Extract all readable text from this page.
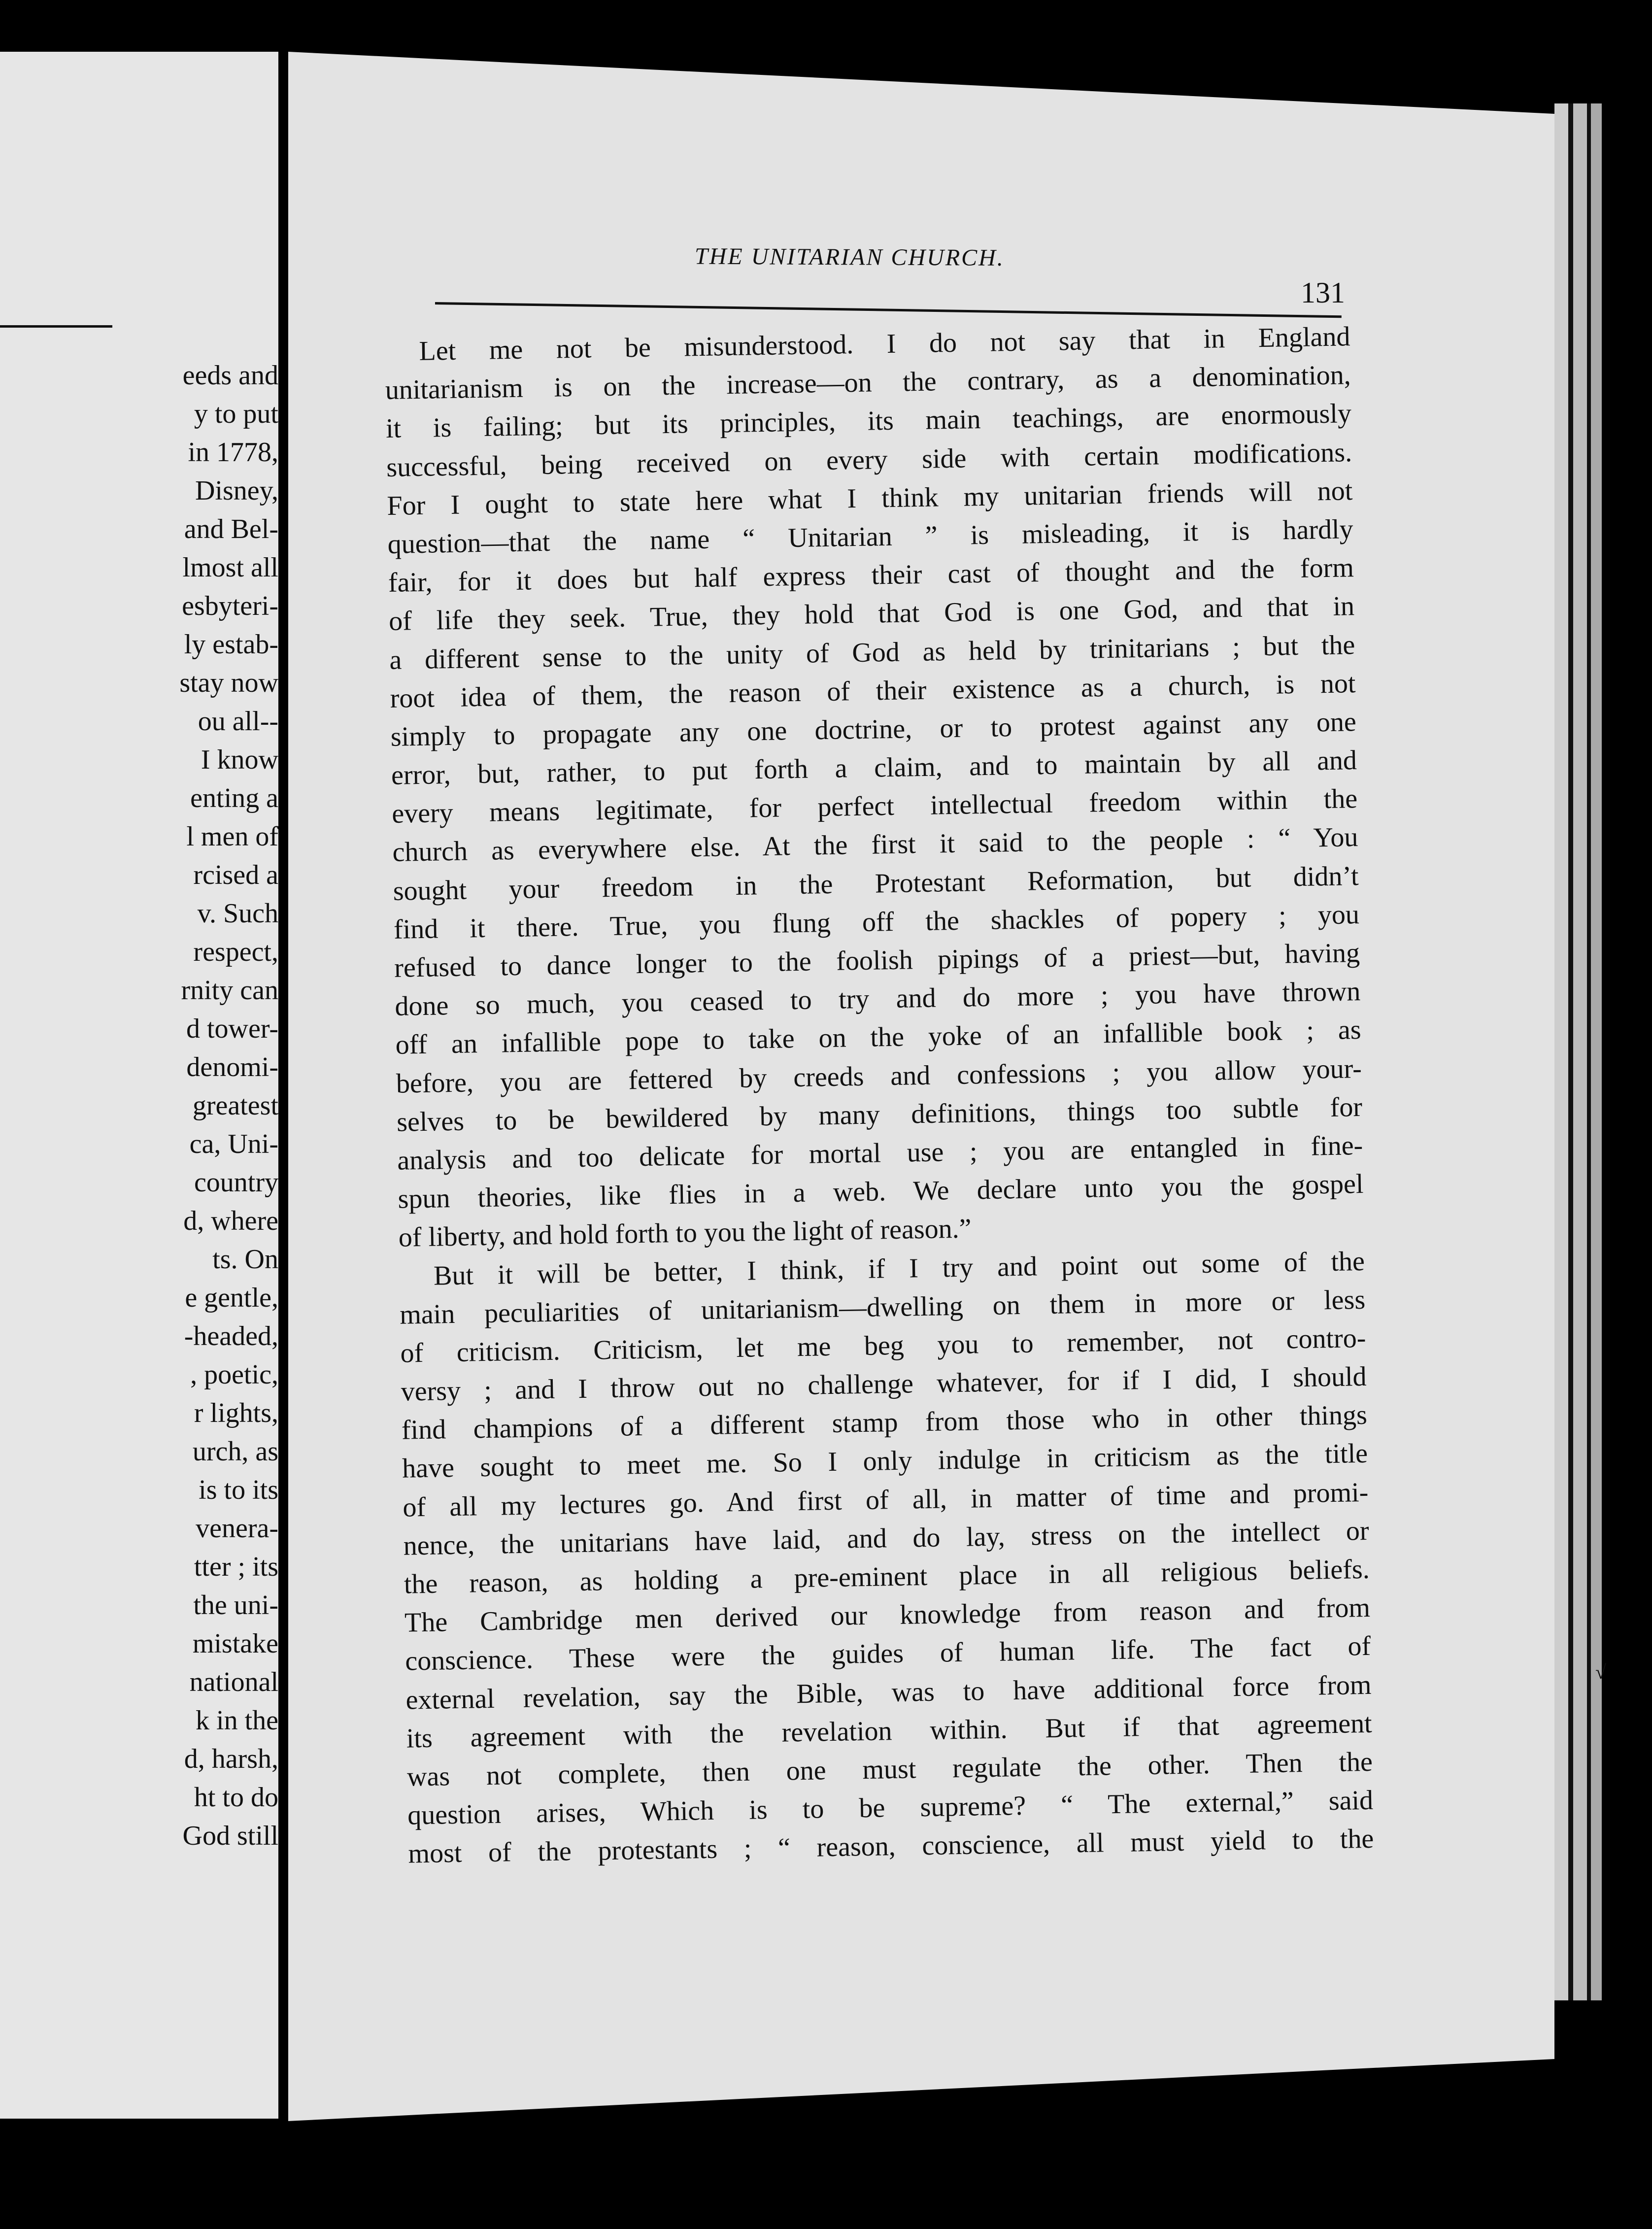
eeds and
y to put
in 1778,
Disney,
and Bel-
lmost all
esbyteri-
ly estab-
stay now
ou all--
I know
enting a
l men of
rcised a
v. Such
respect,
rnity can
d tower-
denomi-
greatest
ca, Uni-
country
d, where
ts. On
e gentle,
-headed,
, poetic,
r lights,
urch, as
is to its
venera-
tter ; its
the uni-
mistake
national
k in the
d, harsh,
ht to do
God still
THE UNITARIAN CHURCH.
131
Let me not be misunderstood. I do not say that in England
unitarianism is on the increase—on the contrary, as a denomination,
it is failing; but its principles, its main teachings, are enormously
successful, being received on every side with certain modifications.
For I ought to state here what I think my unitarian friends will not
question—that the name “ Unitarian ” is misleading, it is hardly
fair, for it does but half express their cast of thought and the form
of life they seek. True, they hold that God is one God, and that in
a different sense to the unity of God as held by trinitarians ; but the
root idea of them, the reason of their existence as a church, is not
simply to propagate any one doctrine, or to protest against any one
error, but, rather, to put forth a claim, and to maintain by all and
every means legitimate, for perfect intellectual freedom within the
church as everywhere else. At the first it said to the people : “ You
sought your freedom in the Protestant Reformation, but didn’t
find it there. True, you flung off the shackles of popery ; you
refused to dance longer to the foolish pipings of a priest—but, having
done so much, you ceased to try and do more ; you have thrown
off an infallible pope to take on the yoke of an infallible book ; as
before, you are fettered by creeds and confessions ; you allow your-
selves to be bewildered by many definitions, things too subtle for
analysis and too delicate for mortal use ; you are entangled in fine-
spun theories, like flies in a web. We declare unto you the gospel
of liberty, and hold forth to you the light of reason.”
But it will be better, I think, if I try and point out some of the
main peculiarities of unitarianism—dwelling on them in more or less
of criticism. Criticism, let me beg you to remember, not contro-
versy ; and I throw out no challenge whatever, for if I did, I should
find champions of a different stamp from those who in other things
have sought to meet me. So I only indulge in criticism as the title
of all my lectures go. And first of all, in matter of time and promi-
nence, the unitarians have laid, and do lay, stress on the intellect or
the reason, as holding a pre-eminent place in all religious beliefs.
The Cambridge men derived our knowledge from reason and from
conscience. These were the guides of human life. The fact of
external revelation, say the Bible, was to have additional force from
its agreement with the revelation within. But if that agreement
was not complete, then one must regulate the other. Then the
question arises, Which is to be supreme? “ The external,” said
most of the protestants ; “ reason, conscience, all must yield to the
√
